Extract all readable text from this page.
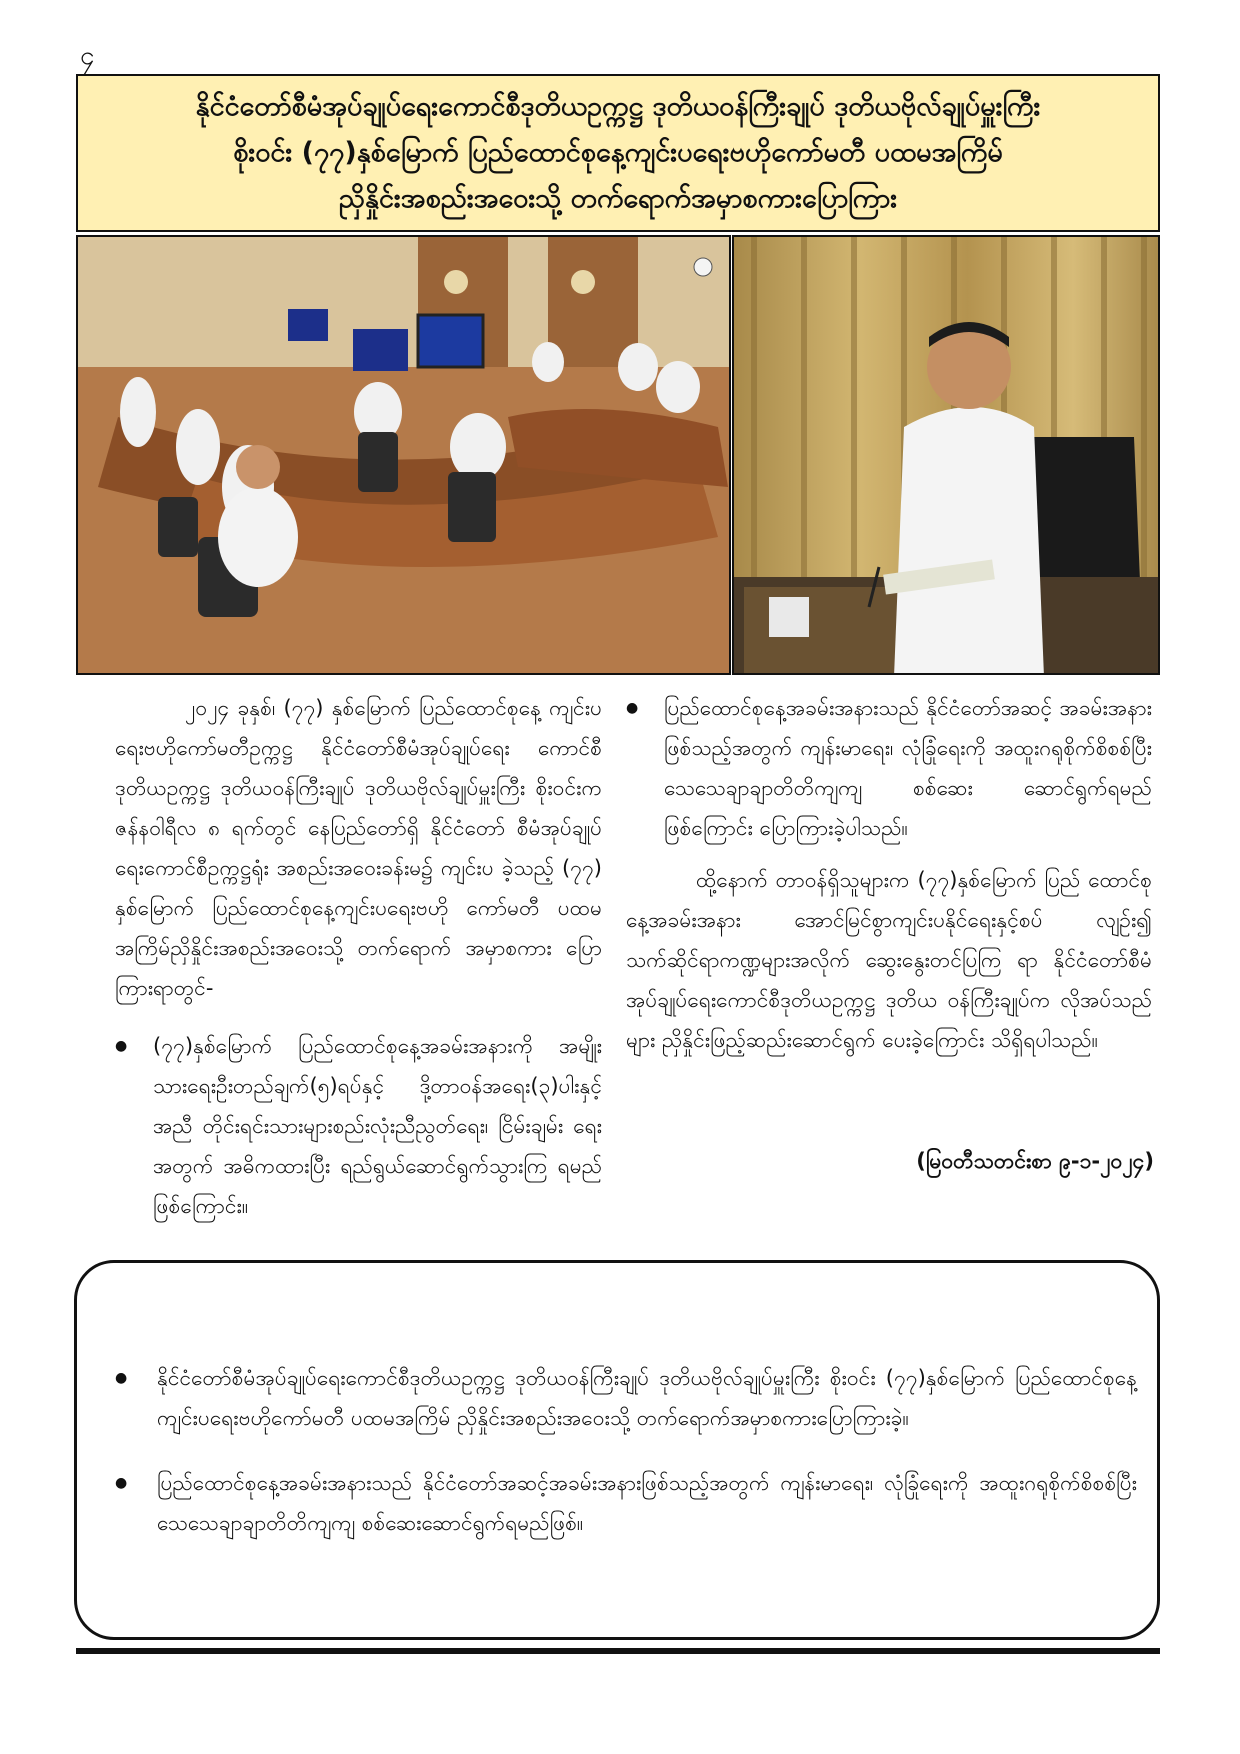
၄
နိုင်ငံတော်စီမံအုပ်ချုပ်ရေးကောင်စီဒုတိယဥက္ကဋ္ဌ ဒုတိယဝန်ကြီးချုပ် ဒုတိယဗိုလ်ချုပ်မှူးကြီး
စိုးဝင်း (၇၇)နှစ်မြောက် ပြည်ထောင်စုနေ့ကျင်းပရေးဗဟိုကော်မတီ ပထမအကြိမ်
ညှိနှိုင်းအစည်းအဝေးသို့ တက်ရောက်အမှာစကားပြောကြား

၂၀၂၄ ခုနှစ်၊ (၇၇) နှစ်မြောက် ပြည်ထောင်စုနေ့ ကျင်းပရေးဗဟိုကော်မတီဥက္ကဋ္ဌ နိုင်ငံတော်စီမံအုပ်ချုပ်ရေး ကောင်စီဒုတိယဥက္ကဋ္ဌ ဒုတိယဝန်ကြီးချုပ် ဒုတိယဗိုလ်ချုပ်မှူးကြီး စိုးဝင်းက ဇန်နဝါရီလ ၈ ရက်တွင် နေပြည်တော်ရှိ နိုင်ငံတော် စီမံအုပ်ချုပ်ရေးကောင်စီဥက္ကဋ္ဌရုံး အစည်းအဝေးခန်းမ၌ ကျင်းပ ခဲ့သည့် (၇၇) နှစ်မြောက် ပြည်ထောင်စုနေ့ကျင်းပရေးဗဟို ကော်မတီ ပထမအကြိမ်ညှိနှိုင်းအစည်းအဝေးသို့ တက်ရောက် အမှာစကား ပြောကြားရာတွင်-

● (၇၇)နှစ်မြောက် ပြည်ထောင်စုနေ့အခမ်းအနားကို အမျိုး သားရေးဦးတည်ချက်(၅)ရပ်နှင့် ဒို့တာဝန်အရေး(၃)ပါးနှင့် အညီ တိုင်းရင်းသားများစည်းလုံးညီညွတ်ရေး၊ ငြိမ်းချမ်း ရေးအတွက် အဓိကထားပြီး ရည်ရွယ်ဆောင်ရွက်သွားကြ ရမည်ဖြစ်ကြောင်း။

● ပြည်ထောင်စုနေ့အခမ်းအနားသည် နိုင်ငံတော်အဆင့် အခမ်းအနားဖြစ်သည့်အတွက် ကျန်းမာရေး၊ လုံခြုံရေးကို အထူးဂရုစိုက်စိစစ်ပြီး သေသေချာချာတိတိကျကျ စစ်ဆေး ဆောင်ရွက်ရမည်ဖြစ်ကြောင်း ပြောကြားခဲ့ပါသည်။

ထို့နောက် တာဝန်ရှိသူများက (၇၇)နှစ်မြောက် ပြည် ထောင်စုနေ့အခမ်းအနား အောင်မြင်စွာကျင်းပနိုင်ရေးနှင့်စပ် လျဉ်း၍ သက်ဆိုင်ရာကဏ္ဍများအလိုက် ဆွေးနွေးတင်ပြကြ ရာ နိုင်ငံတော်စီမံအုပ်ချုပ်ရေးကောင်စီဒုတိယဥက္ကဋ္ဌ ဒုတိယ ဝန်ကြီးချုပ်က လိုအပ်သည်များ ညှိနှိုင်းဖြည့်ဆည်းဆောင်ရွက် ပေးခဲ့ကြောင်း သိရှိရပါသည်။

(မြဝတီသတင်းစာ ၉-၁-၂၀၂၄)

● နိုင်ငံတော်စီမံအုပ်ချုပ်ရေးကောင်စီဒုတိယဥက္ကဋ္ဌ ဒုတိယဝန်ကြီးချုပ် ဒုတိယဗိုလ်ချုပ်မှူးကြီး စိုးဝင်း (၇၇)နှစ်မြောက် ပြည်ထောင်စုနေ့ကျင်းပရေးဗဟိုကော်မတီ ပထမအကြိမ် ညှိနှိုင်းအစည်းအဝေးသို့ တက်ရောက်အမှာစကားပြောကြားခဲ့။

● ပြည်ထောင်စုနေ့အခမ်းအနားသည် နိုင်ငံတော်အဆင့်အခမ်းအနားဖြစ်သည့်အတွက် ကျန်းမာရေး၊ လုံခြုံရေးကို အထူးဂရုစိုက်စိစစ်ပြီး သေသေချာချာတိတိကျကျ စစ်ဆေးဆောင်ရွက်ရမည်ဖြစ်။
